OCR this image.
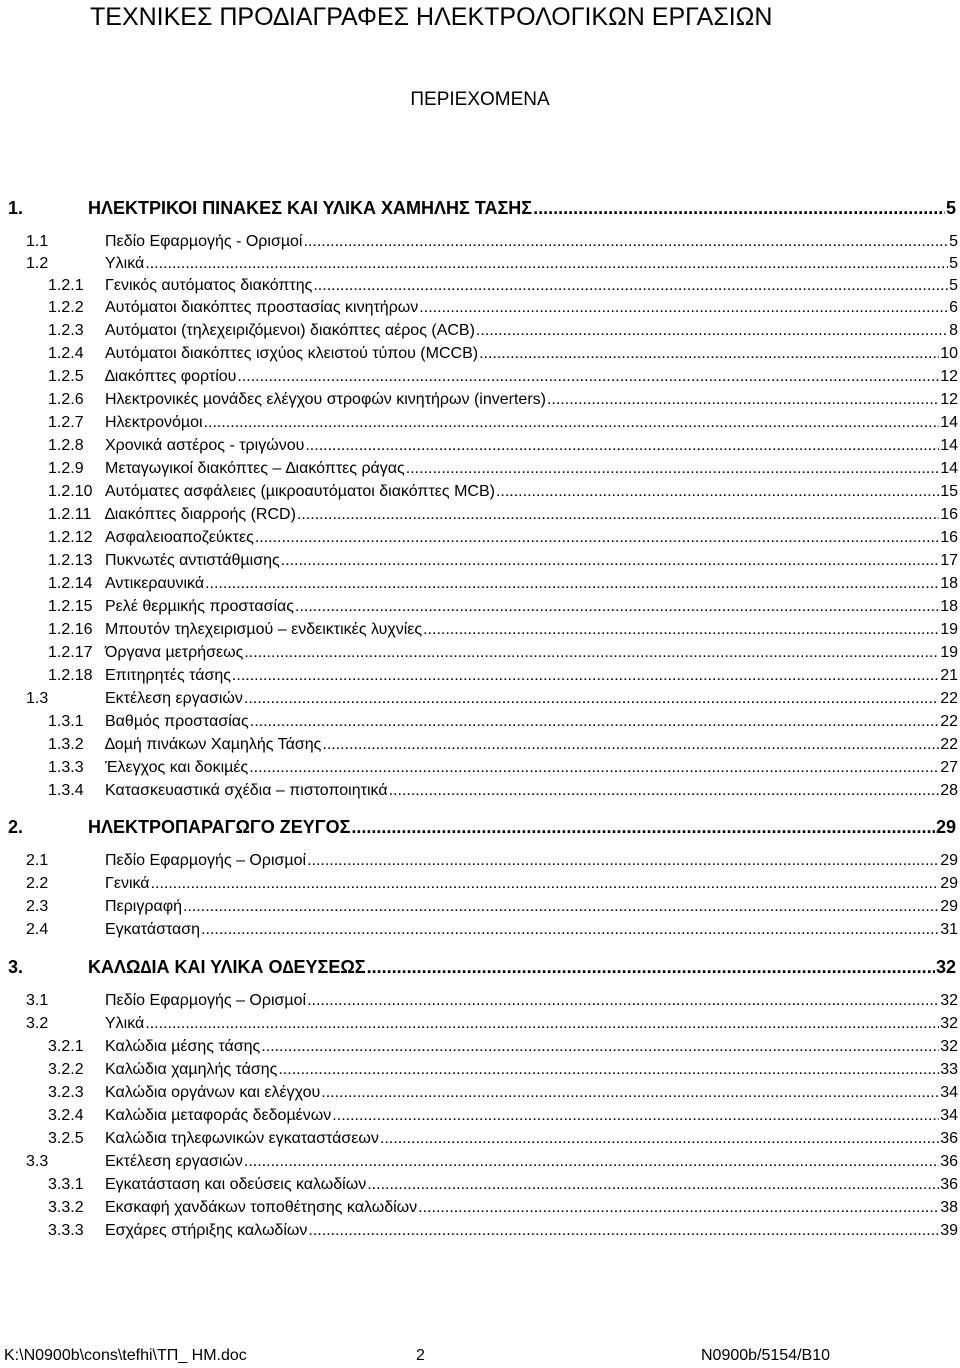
ΤΕΧΝΙΚΕΣ ΠΡΟ∆ΙΑΓΡΑΦΕΣ ΗΛΕΚΤΡΟΛΟΓΙΚΩΝ ΕΡΓΑΣΙΩΝ
ΠΕΡΙΕΧΟΜΕΝΑ
1.	ΗΛΕΚΤΡΙΚΟΙ ΠΙΝΑΚΕΣ ΚΑΙ ΥΛΙΚΑ ΧΑΜΗΛΗΣ ΤΑΣΗΣ .....	5
1.1	Πεδίο Εφαρµογής - Ορισµοί .....	5
1.2	Υλικά .....	5
1.2.1	Γενικός αυτόµατος διακόπτης .....	5
1.2.2	Αυτόµατοι διακόπτες προστασίας κινητήρων .....	6
1.2.3	Αυτόµατοι (τηλεχειριζόµενοι) διακόπτες αέρος (ACB) .....	8
1.2.4	Αυτόµατοι διακόπτες ισχύος κλειστού τύπου (MCCB) .....	10
1.2.5	∆ιακόπτες φορτίου .....	12
1.2.6	Ηλεκτρονικές µονάδες ελέγχου στροφών κινητήρων (inverters) .....	12
1.2.7	Ηλεκτρονόµοι .....	14
1.2.8	Χρονικά αστέρος - τριγώνου .....	14
1.2.9	Μεταγωγικοί διακόπτες – ∆ιακόπτες ράγας .....	14
1.2.10 Αυτόµατες ασφάλειες (µικροαυτόµατοι διακόπτες MCB) .....	15
1.2.11 ∆ιακόπτες διαρροής (RCD) .....	16
1.2.12 Ασφαλειοαποζεύκτες .....	16
1.2.13 Πυκνωτές αντιστάθµισης .....	17
1.2.14 Αντικεραυνικά .....	18
1.2.15 Ρελέ θερµικής προστασίας .....	18
1.2.16 Μπουτόν τηλεχειρισµού – ενδεικτικές λυχνίες .....	19
1.2.17 Όργανα µετρήσεως .....	19
1.2.18 Επιτηρητές τάσης .....	21
1.3	Εκτέλεση εργασιών .....	22
1.3.1	Βαθµός προστασίας .....	22
1.3.2	∆οµή πινάκων Χαµηλής Τάσης .....	22
1.3.3	Έλεγχος και δοκιµές .....	27
1.3.4	Κατασκευαστικά σχέδια – πιστοποιητικά .....	28
2.	ΗΛΕΚΤΡΟΠΑΡΑΓΩΓΟ ΖΕΥΓΟΣ .....	29
2.1	Πεδίο Εφαρµογής – Ορισµοί .....	29
2.2	Γενικά .....	29
2.3	Περιγραφή .....	29
2.4	Εγκατάσταση .....	31
3.	ΚΑΛΩ∆ΙΑ ΚΑΙ ΥΛΙΚΑ Ο∆ΕΥΣΕΩΣ .....	32
3.1	Πεδίο Εφαρµογής – Ορισµοί .....	32
3.2	Υλικά .....	32
3.2.1	Καλώδια µέσης τάσης .....	32
3.2.2	Καλώδια χαµηλής τάσης .....	33
3.2.3	Καλώδια οργάνων και ελέγχου .....	34
3.2.4	Καλώδια µεταφοράς δεδοµένων .....	34
3.2.5	Καλώδια τηλεφωνικών εγκαταστάσεων .....	36
3.3	Εκτέλεση εργασιών .....	36
3.3.1	Εγκατάσταση και οδεύσεις καλωδίων .....	36
3.3.2	Εκσκαφή χανδάκων τοποθέτησης καλωδίων .....	38
3.3.3	Εσχάρες στήριξης καλωδίων .....	39
K:\N0900b\cons\tefhi\ΤΠ_ ΗΜ.doc	2	N0900b/5154/B10
